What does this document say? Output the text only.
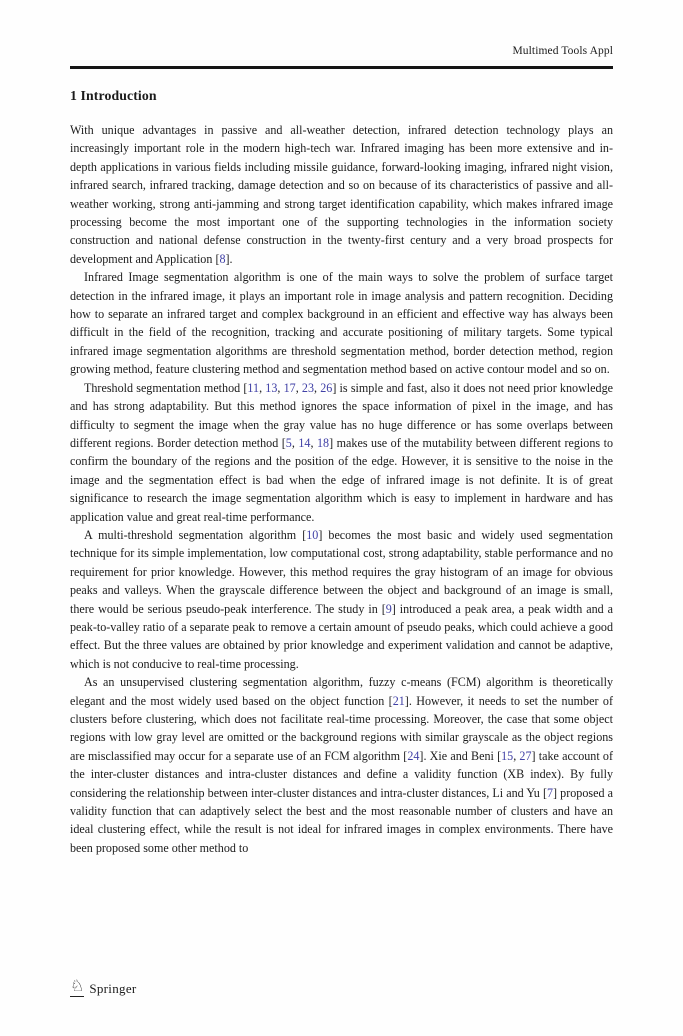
Multimed Tools Appl
1 Introduction

With unique advantages in passive and all-weather detection, infrared detection technology plays an increasingly important role in the modern high-tech war. Infrared imaging has been more extensive and in-depth applications in various fields including missile guidance, forward-looking imaging, infrared night vision, infrared search, infrared tracking, damage detection and so on because of its characteristics of passive and all-weather working, strong anti-jamming and strong target identification capability, which makes infrared image processing become the most important one of the supporting technologies in the information society construction and national defense construction in the twenty-first century and a very broad prospects for development and Application [8].

Infrared Image segmentation algorithm is one of the main ways to solve the problem of surface target detection in the infrared image, it plays an important role in image analysis and pattern recognition. Deciding how to separate an infrared target and complex background in an efficient and effective way has always been difficult in the field of the recognition, tracking and accurate positioning of military targets. Some typical infrared image segmentation algorithms are threshold segmentation method, border detection method, region growing method, feature clustering method and segmentation method based on active contour model and so on.

Threshold segmentation method [11, 13, 17, 23, 26] is simple and fast, also it does not need prior knowledge and has strong adaptability. But this method ignores the space information of pixel in the image, and has difficulty to segment the image when the gray value has no huge difference or has some overlaps between different regions. Border detection method [5, 14, 18] makes use of the mutability between different regions to confirm the boundary of the regions and the position of the edge. However, it is sensitive to the noise in the image and the segmentation effect is bad when the edge of infrared image is not definite. It is of great significance to research the image segmentation algorithm which is easy to implement in hardware and has application value and great real-time performance.

A multi-threshold segmentation algorithm [10] becomes the most basic and widely used segmentation technique for its simple implementation, low computational cost, strong adaptability, stable performance and no requirement for prior knowledge. However, this method requires the gray histogram of an image for obvious peaks and valleys. When the grayscale difference between the object and background of an image is small, there would be serious pseudo-peak interference. The study in [9] introduced a peak area, a peak width and a peak-to-valley ratio of a separate peak to remove a certain amount of pseudo peaks, which could achieve a good effect. But the three values are obtained by prior knowledge and experiment validation and cannot be adaptive, which is not conducive to real-time processing.

As an unsupervised clustering segmentation algorithm, fuzzy c-means (FCM) algorithm is theoretically elegant and the most widely used based on the object function [21]. However, it needs to set the number of clusters before clustering, which does not facilitate real-time processing. Moreover, the case that some object regions with low gray level are omitted or the background regions with similar grayscale as the object regions are misclassified may occur for a separate use of an FCM algorithm [24]. Xie and Beni [15, 27] take account of the inter-cluster distances and intra-cluster distances and define a validity function (XB index). By fully considering the relationship between inter-cluster distances and intra-cluster distances, Li and Yu [7] proposed a validity function that can adaptively select the best and the most reasonable number of clusters and have an ideal clustering effect, while the result is not ideal for infrared images in complex environments. There have been proposed some other method to

♘ Springer
